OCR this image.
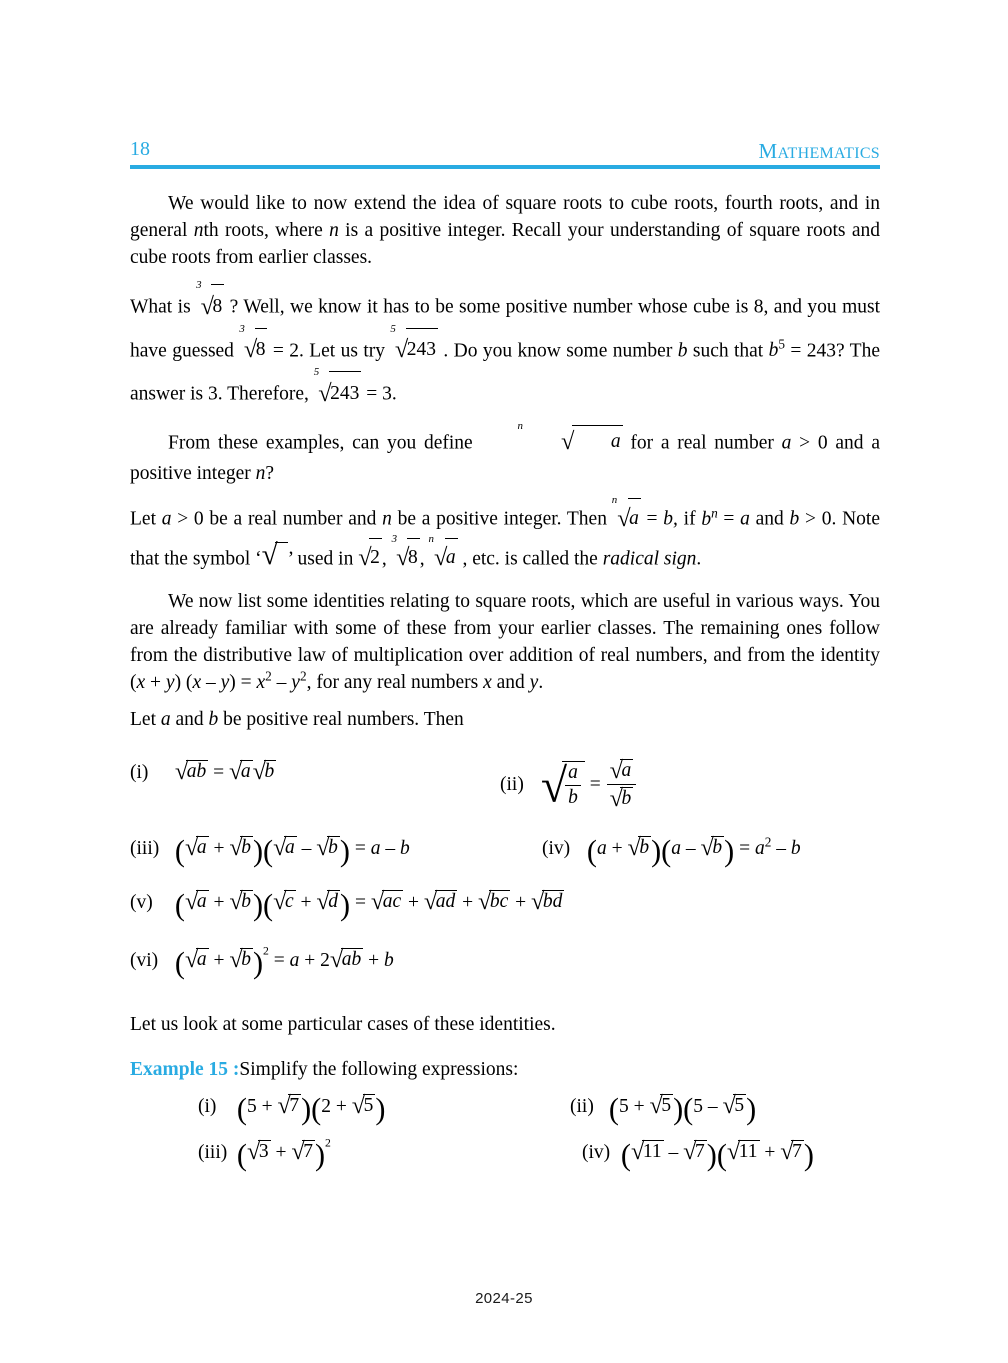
18	MATHEMATICS

We would like to now extend the idea of square roots to cube roots, fourth roots, and in general nth roots, where n is a positive integer. Recall your understanding of square roots and cube roots from earlier classes.

What is
3
√8 ? Well, we know it has to be some positive number whose cube is 8, and you must have guessed
3
√8 = 2. Let us try
5
√243 . Do you know some number b such that $b^5 = 243$? The answer is 3. Therefore,
5
√243 = 3.

From these examples, can you define
n
√ a for a real number a > 0 and a positive integer n?

Let a > 0 be a real number and n be a positive integer. Then
n
√a = b, if $b^n = a$ and b > 0. Note that the symbol ‘ √ ’ used in √2 ,
3
√8 ,
n
√a , etc. is called the radical sign.

We now list some identities relating to square roots, which are useful in various ways. You are already familiar with some of these from your earlier classes. The remaining ones follow from the distributive law of multiplication over addition of real numbers, and from the identity (x + y) $(x - y) = x^2 - y^2$, for any real numbers x and y.

Let a and b be positive real numbers. Then

(i) √ab = √a√b
(ii) √
$\frac{a}{b} = \frac{√a}{√b}$
(iii) (√a + √b)(√a – √b) = a – b	(iv) $(a + √b)(a - √b) = a^2 - b$
(v) (√a + √b)(√c + √d) = √ac + √ad + √bc + √bd
(vi) $(√a + √b)^2 = a + 2√ab + b$

Let us look at some particular cases of these identities.

Example 15 :Simplify the following expressions:

(i) (5 + √7)(2 + √5)	(ii) (5 + √5)(5 – √5)
(iii) $(√3 + √7)^2$	(iv) (√11 – √7)(√11 + √7)
2024-25
